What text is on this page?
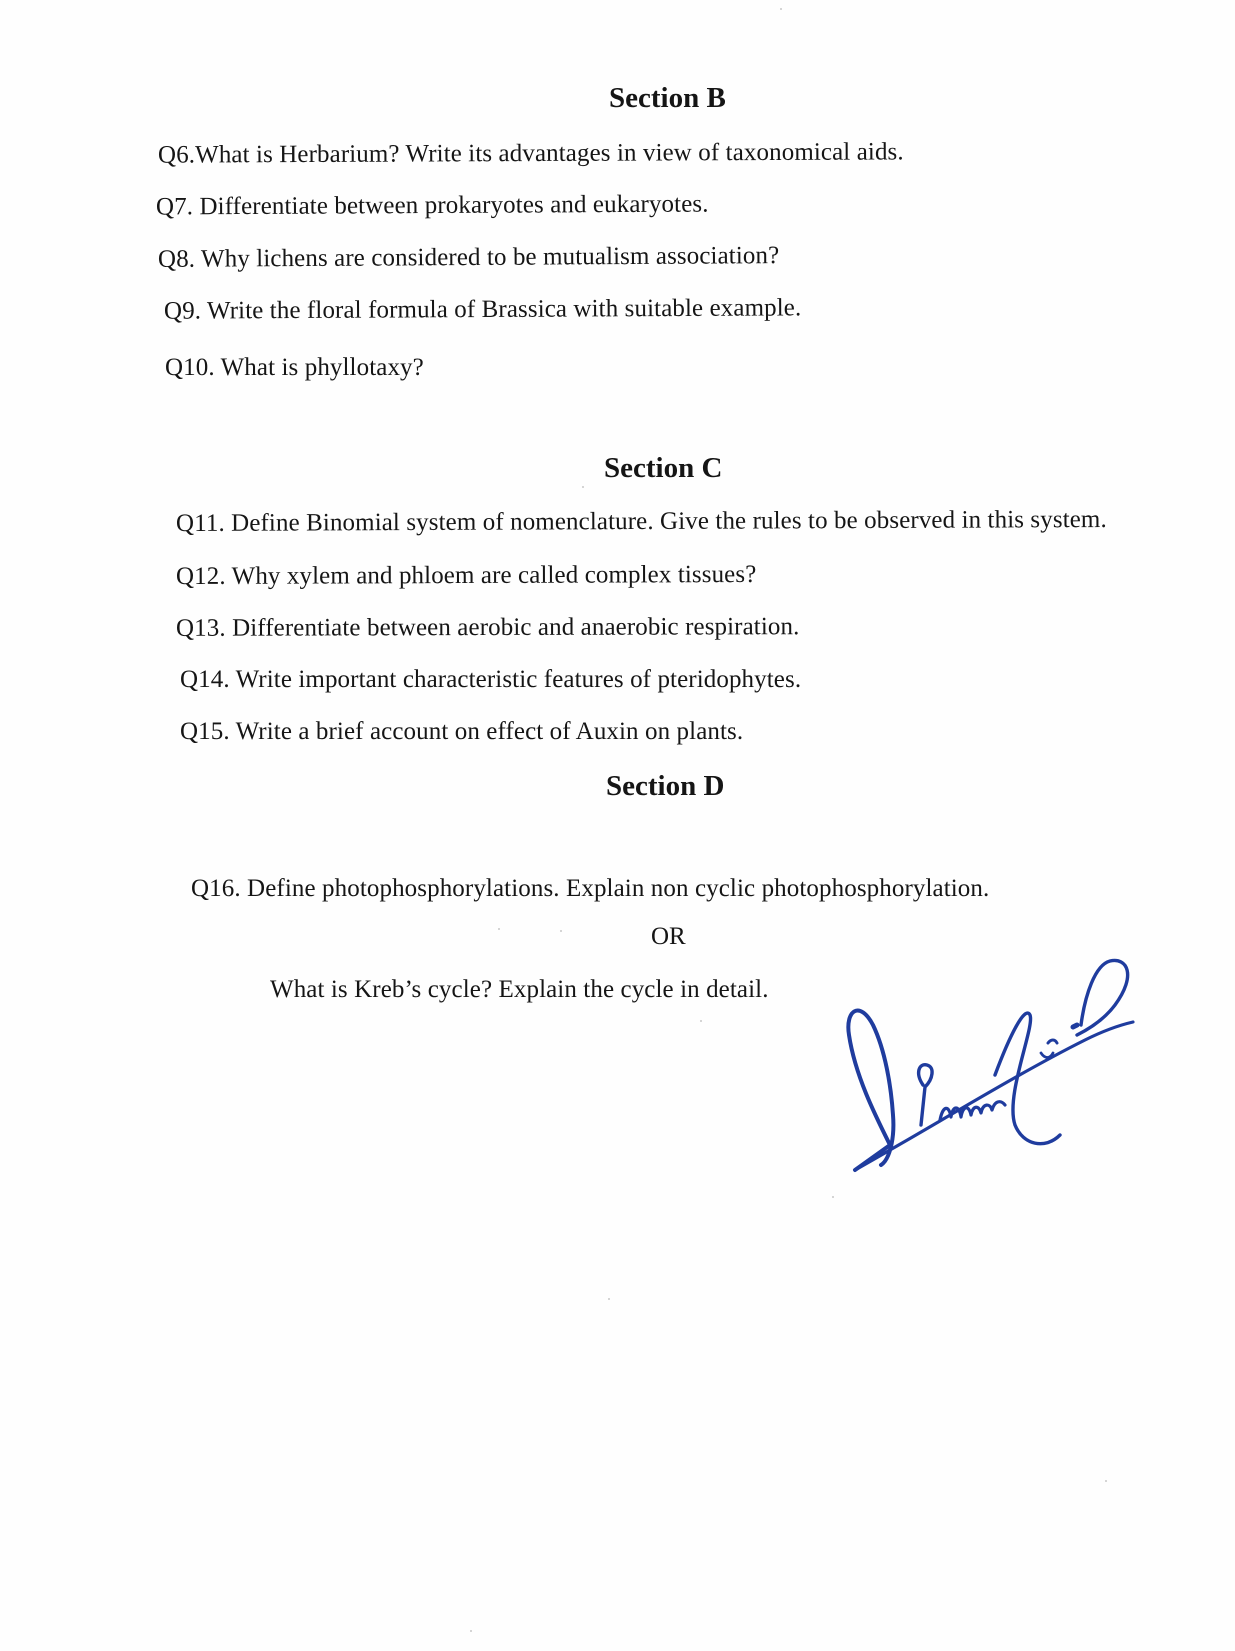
Section B
Q6.What is Herbarium? Write its advantages in view of taxonomical aids.
Q7. Differentiate between prokaryotes and eukaryotes.
Q8. Why lichens are considered to be mutualism association?
Q9. Write the floral formula of Brassica with suitable example.
Q10. What is phyllotaxy?
Section C
Q11. Define Binomial system of nomenclature. Give the rules to be observed in this system.
Q12. Why xylem and phloem are called complex tissues?
Q13. Differentiate between aerobic and anaerobic respiration.
Q14. Write important characteristic features of pteridophytes.
Q15. Write a brief account on effect of Auxin on plants.
Section D
Q16. Define photophosphorylations. Explain non cyclic photophosphorylation.
OR
What is Kreb’s cycle? Explain the cycle in detail.
